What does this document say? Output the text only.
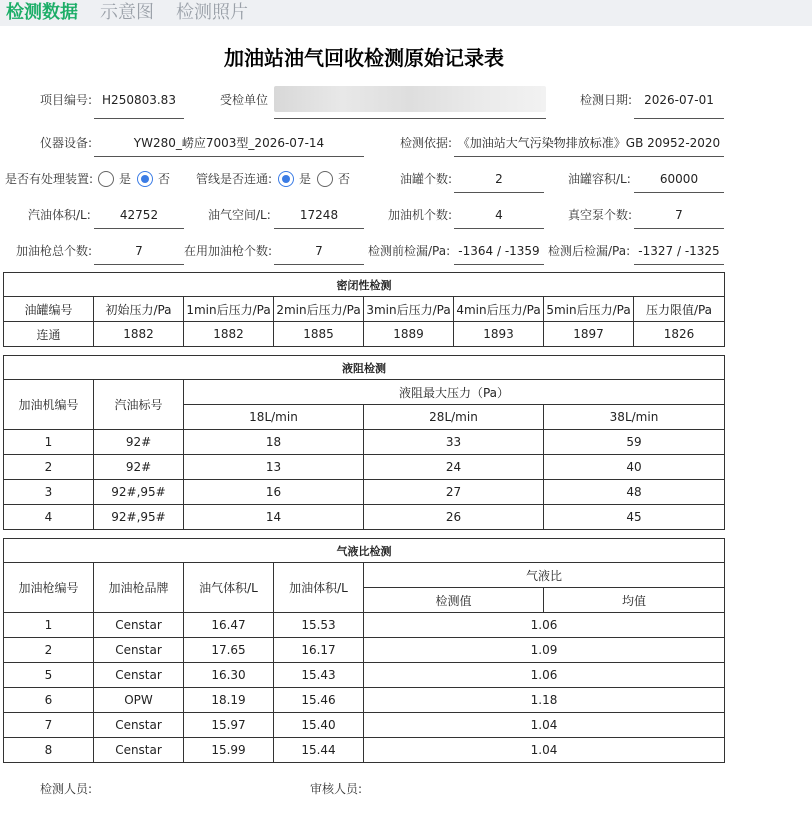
检测数据 示意图 检测照片
加油站油气回收检测原始记录表
项目编号: H250803.83	受检单位	检测日期:	2026-07-01
仪器设备:	YW280_崂应7003型_2026-07-14	检测依据: 《加油站大气污染物排放标准》GB 20952-2020
是否有处理装置: 是 否 管线是否连通: 是 否	油罐个数:	2	油罐容积/L:	60000
汽油体积/L:	42752	油气空间/L:	17248	加油机个数:	4	真空泵个数:	7
加油枪总个数:	7	在用加油枪个数:	7	检测前检漏/Pa: -1364 / -1359 检测后检漏/Pa: -1327 / -1325
密闭性检测							
油罐编号	初始压力/Pa	1min后压力/Pa	2min后压力/Pa	3min后压力/Pa	4min后压力/Pa	5min后压力/Pa	压力限值/Pa
连通	1882	1882	1885	1889	1893	1897	1826
液阻检测				
加油机编号	汽油标号	液阻最大压力（Pa）		
		18L/min	28L/min	38L/min
1	92#	18	33	59
2	92#	13	24	40
3	92#,95#	16	27	48
4	92#,95#	14	26	45
气液比检测					
加油枪编号	加油枪品牌	油气体积/L	加油体积/L	气液比	
				检测值	均值
1	Censtar	16.47	15.53	1.06	
2	Censtar	17.65	16.17	1.09	
5	Censtar	16.30	15.43	1.06	
6	OPW	18.19	15.46	1.18	
7	Censtar	15.97	15.40	1.04	
8	Censtar	15.99	15.44	1.04	
检测人员:	审核人员:
